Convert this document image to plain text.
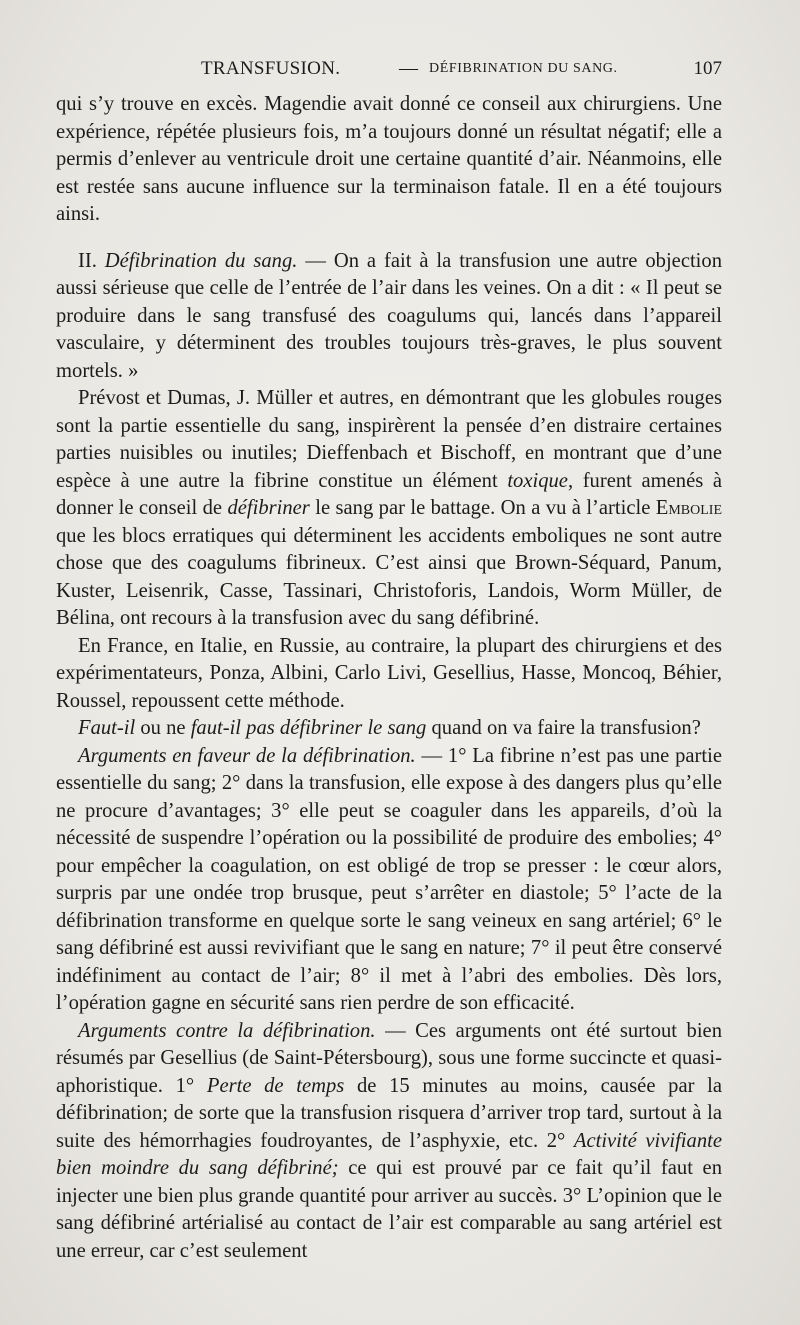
TRANSFUSION.	— DÉFIBRINATION DU SANG.	107

qui s’y trouve en excès. Magendie avait donné ce conseil aux chirurgiens. Une expérience, répétée plusieurs fois, m’a toujours donné un résultat négatif; elle a permis d’enlever au ventricule droit une certaine quantité d’air. Néanmoins, elle est restée sans aucune influence sur la terminaison fatale. Il en a été toujours ainsi.

II. Défibrination du sang. — On a fait à la transfusion une autre objection aussi sérieuse que celle de l’entrée de l’air dans les veines. On a dit : « Il peut se produire dans le sang transfusé des coagulums qui, lancés dans l’appareil vasculaire, y déterminent des troubles toujours très-graves, le plus souvent mortels. »

Prévost et Dumas, J. Müller et autres, en démontrant que les globules rouges sont la partie essentielle du sang, inspirèrent la pensée d’en distraire certaines parties nuisibles ou inutiles; Dieffenbach et Bischoff, en montrant que d’une espèce à une autre la fibrine constitue un élément toxique, furent amenés à donner le conseil de défibriner le sang par le battage. On a vu à l’article Embolie que les blocs erratiques qui déterminent les accidents emboliques ne sont autre chose que des coagulums fibrineux. C’est ainsi que Brown-Séquard, Panum, Kuster, Leisenrik, Casse, Tassinari, Christoforis, Landois, Worm Müller, de Bélina, ont recours à la transfusion avec du sang défibriné.

En France, en Italie, en Russie, au contraire, la plupart des chirurgiens et des expérimentateurs, Ponza, Albini, Carlo Livi, Gesellius, Hasse, Moncoq, Béhier, Roussel, repoussent cette méthode.

Faut-il ou ne faut-il pas défibriner le sang quand on va faire la transfusion?

Arguments en faveur de la défibrination. — 1° La fibrine n’est pas une partie essentielle du sang; 2° dans la transfusion, elle expose à des dangers plus qu’elle ne procure d’avantages; 3° elle peut se coaguler dans les appareils, d’où la nécessité de suspendre l’opération ou la possibilité de produire des embolies; 4° pour empêcher la coagulation, on est obligé de trop se presser : le cœur alors, surpris par une ondée trop brusque, peut s’arrêter en diastole; 5° l’acte de la défibrination transforme en quelque sorte le sang veineux en sang artériel; 6° le sang défibriné est aussi revivifiant que le sang en nature; 7° il peut être conservé indéfiniment au contact de l’air; 8° il met à l’abri des embolies. Dès lors, l’opération gagne en sécurité sans rien perdre de son efficacité.

Arguments contre la défibrination. — Ces arguments ont été surtout bien résumés par Gesellius (de Saint-Pétersbourg), sous une forme succincte et quasi-aphoristique. 1° Perte de temps de 15 minutes au moins, causée par la défibrination; de sorte que la transfusion risquera d’arriver trop tard, surtout à la suite des hémorrhagies foudroyantes, de l’asphyxie, etc. 2° Activité vivifiante bien moindre du sang défibriné; ce qui est prouvé par ce fait qu’il faut en injecter une bien plus grande quantité pour arriver au succès. 3° L’opinion que le sang défibriné artérialisé au contact de l’air est comparable au sang artériel est une erreur, car c’est seulement
